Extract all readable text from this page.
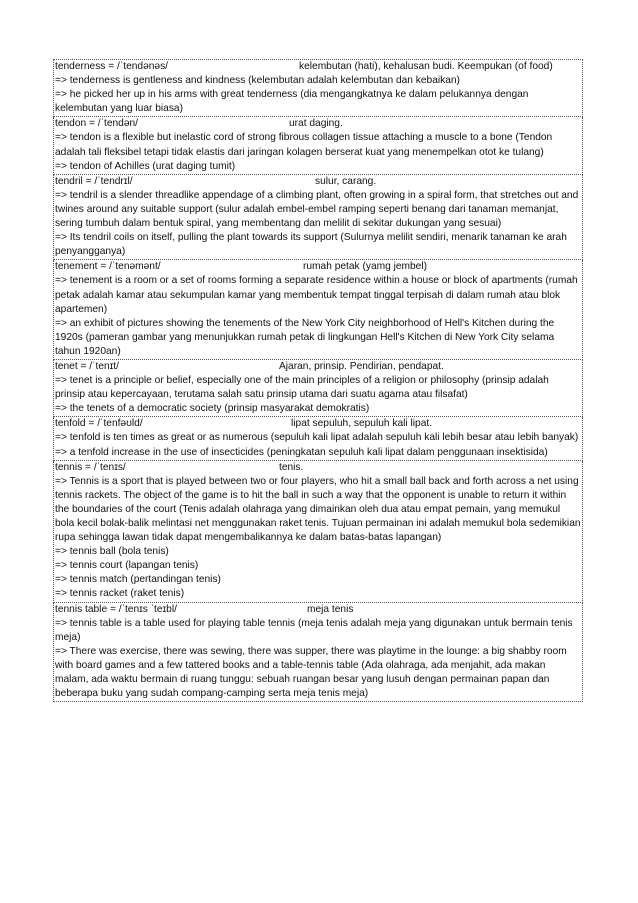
tenderness = /ˈtendənəs/	kelembutan (hati), kehalusan budi. Keempukan (of food)
=> tenderness is gentleness and kindness (kelembutan adalah kelembutan dan kebaikan)
=> he picked her up in his arms with great tenderness (dia mengangkatnya ke dalam pelukannya dengan kelembutan yang luar biasa)
tendon = /ˈtendən/	urat daging.
=> tendon is a flexible but inelastic cord of strong fibrous collagen tissue attaching a muscle to a bone (Tendon adalah tali fleksibel tetapi tidak elastis dari jaringan kolagen berserat kuat yang menempelkan otot ke tulang)
=> tendon of Achilles (urat daging tumit)
tendril = /ˈtendrɪl/	sulur, carang.
=> tendril is a slender threadlike appendage of a climbing plant, often growing in a spiral form, that stretches out and twines around any suitable support (sulur adalah embel-embel ramping seperti benang dari tanaman memanjat, sering tumbuh dalam bentuk spiral, yang membentang dan melilit di sekitar dukungan yang sesuai)
=> Its tendril coils on itself, pulling the plant towards its support (Sulurnya melilit sendiri, menarik tanaman ke arah penyangganya)
tenement = /ˈtenəmənt/	rumah petak (yamg jembel)
=> tenement is a room or a set of rooms forming a separate residence within a house or block of apartments (rumah petak adalah kamar atau sekumpulan kamar yang membentuk tempat tinggal terpisah di dalam rumah atau blok apartemen)
=> an exhibit of pictures showing the tenements of the New York City neighborhood of Hell's Kitchen during the 1920s (pameran gambar yang menunjukkan rumah petak di lingkungan Hell's Kitchen di New York City selama tahun 1920an)
tenet = /ˈtenɪt/	Ajaran, prinsip. Pendirian, pendapat.
=> tenet is a principle or belief, especially one of the main principles of a religion or philosophy (prinsip adalah prinsip atau kepercayaan, terutama salah satu prinsip utama dari suatu agama atau filsafat)
=> the tenets of a democratic society (prinsip masyarakat demokratis)
tenfold = /ˈtenfəʊld/	lipat sepuluh, sepuluh kali lipat.
=> tenfold is ten times as great or as numerous (sepuluh kali lipat adalah sepuluh kali lebih besar atau lebih banyak)
=> a tenfold increase in the use of insecticides (peningkatan sepuluh kali lipat dalam penggunaan insektisida)
tennis = /ˈtenɪs/	tenis.
=> Tennis is a sport that is played between two or four players, who hit a small ball back and forth across a net using tennis rackets. The object of the game is to hit the ball in such a way that the opponent is unable to return it within the boundaries of the court (Tenis adalah olahraga yang dimainkan oleh dua atau empat pemain, yang memukul bola kecil bolak-balik melintasi net menggunakan raket tenis. Tujuan permainan ini adalah memukul bola sedemikian rupa sehingga lawan tidak dapat mengembalikannya ke dalam batas-batas lapangan)
=> tennis ball (bola tenis)
=> tennis court (lapangan tenis)
=> tennis match (pertandingan tenis)
=> tennis racket (raket tenis)
tennis table = /ˈtenɪs ˈteɪbl/	meja tenis
=> tennis table is a table used for playing table tennis (meja tenis adalah meja yang digunakan untuk bermain tenis meja)
=> There was exercise, there was sewing, there was supper, there was playtime in the lounge: a big shabby room with board games and a few tattered books and a table-tennis table (Ada olahraga, ada menjahit, ada makan malam, ada waktu bermain di ruang tunggu: sebuah ruangan besar yang lusuh dengan permainan papan dan beberapa buku yang sudah compang-camping serta meja tenis meja)
